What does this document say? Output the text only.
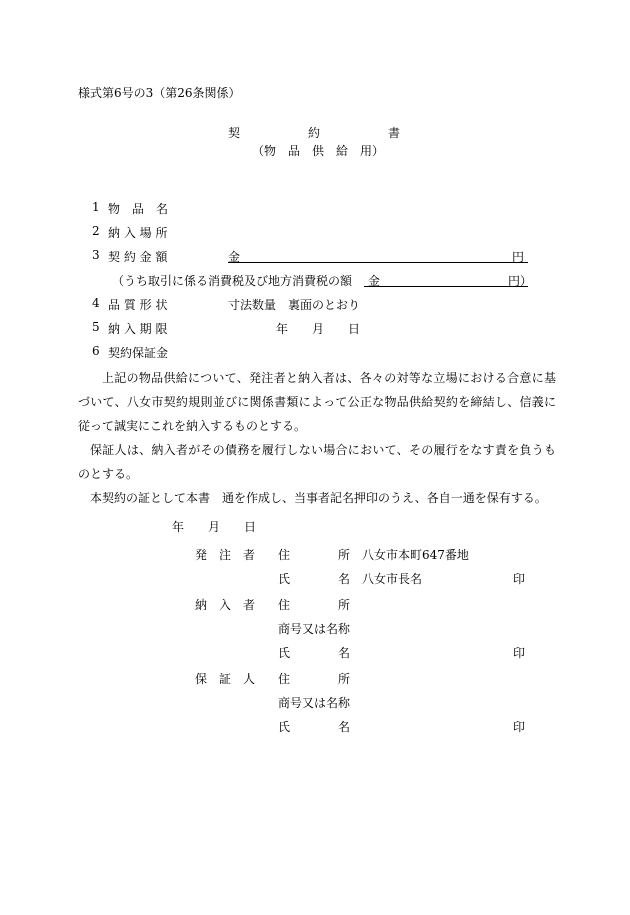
様式第6号の3（第26条関係）
契	約	書
（物　品　供　給　用）
1 物　品　名
2 納 入 場 所
3 契 約 金 額	金	円
（うち取引に係る消費税及び地方消費税の額 金	円）
4 品 質 形 状	寸法数量　裏面のとおり
5 納 入 期 限	年 月 日
6 契約保証金
上記の物品供給について、発注者と納入者は、各々の対等な立場における合意に基づいて、八女市契約規則並びに関係書類によって公正な物品供給契約を締結し、信義に従って誠実にこれを納入するものとする。
保証人は、納入者がその債務を履行しない場合において、その履行をなす責を負うものとする。
本契約の証として本書　通を作成し、当事者記名押印のうえ、各自一通を保有する。
年 月 日
発　注　者 住　　　　所 八女市本町647番地
氏　　　　名 八女市長名	印
納　入　者 住　　　　所
商号又は名称
氏　　　　名	印
保　証　人 住　　　　所
商号又は名称
氏　　　　名	印
